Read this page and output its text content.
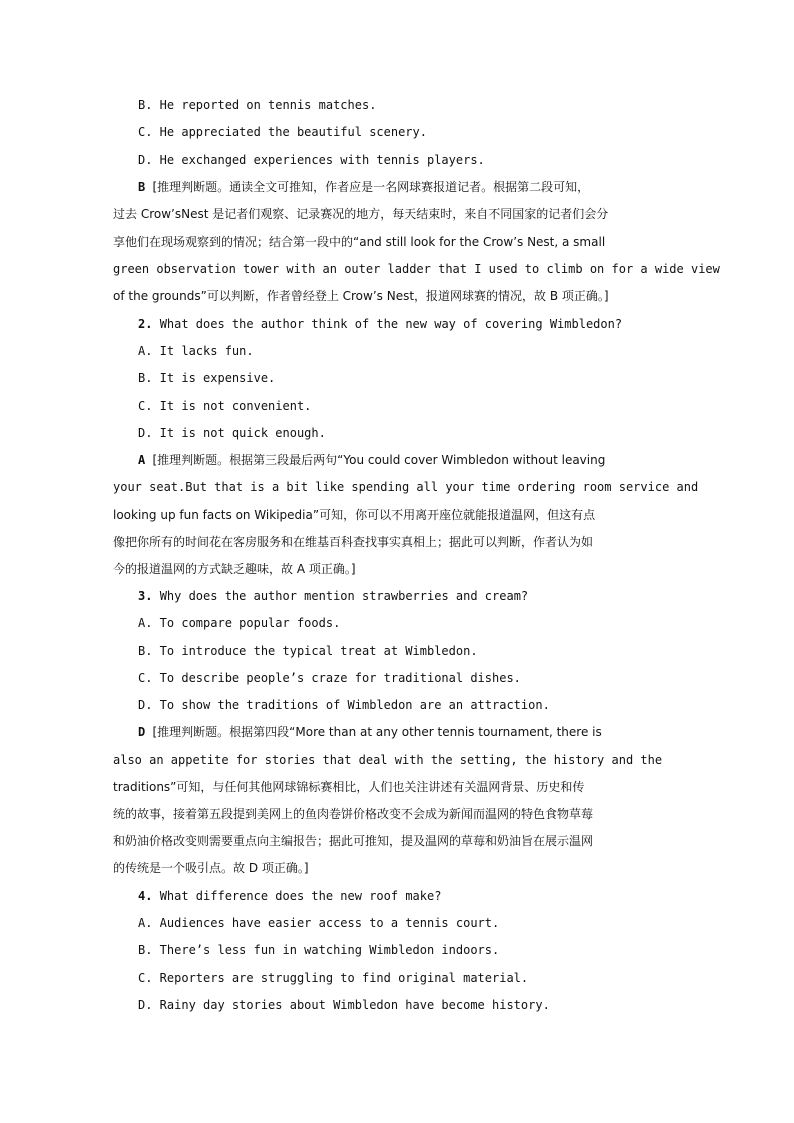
B. He reported on tennis matches.
C. He appreciated the beautiful scenery.
D. He exchanged experiences with tennis players.
B [推理判断题。通读全文可推知，作者应是一名网球赛报道记者。根据第二段可知，
过去 Crow’sNest 是记者们观察、记录赛况的地方，每天结束时，来自不同国家的记者们会分
享他们在现场观察到的情况；结合第一段中的“and still look for the Crow’s Nest, a small
green observation tower with an outer ladder that I used to climb on for a wide view
of the grounds”可以判断，作者曾经登上 Crow’s Nest，报道网球赛的情况，故 B 项正确。]
2. What does the author think of the new way of covering Wimbledon?
A. It lacks fun.
B. It is expensive.
C. It is not convenient.
D. It is not quick enough.
A [推理判断题。根据第三段最后两句“You could cover Wimbledon without leaving
your seat.But that is a bit like spending all your time ordering room service and
looking up fun facts on Wikipedia”可知，你可以不用离开座位就能报道温网，但这有点
像把你所有的时间花在客房服务和在维基百科查找事实真相上；据此可以判断，作者认为如
今的报道温网的方式缺乏趣味，故 A 项正确。]
3. Why does the author mention strawberries and cream?
A. To compare popular foods.
B. To introduce the typical treat at Wimbledon.
C. To describe people’s craze for traditional dishes.
D. To show the traditions of Wimbledon are an attraction.
D [推理判断题。根据第四段“More than at any other tennis tournament, there is
also an appetite for stories that deal with the setting, the history and the
traditions”可知，与任何其他网球锦标赛相比，人们也关注讲述有关温网背景、历史和传
统的故事，接着第五段提到美网上的鱼肉卷饼价格改变不会成为新闻而温网的特色食物草莓
和奶油价格改变则需要重点向主编报告；据此可推知，提及温网的草莓和奶油旨在展示温网
的传统是一个吸引点。故 D 项正确。]
4. What difference does the new roof make?
A. Audiences have easier access to a tennis court.
B. There’s less fun in watching Wimbledon indoors.
C. Reporters are struggling to find original material.
D. Rainy day stories about Wimbledon have become history.
